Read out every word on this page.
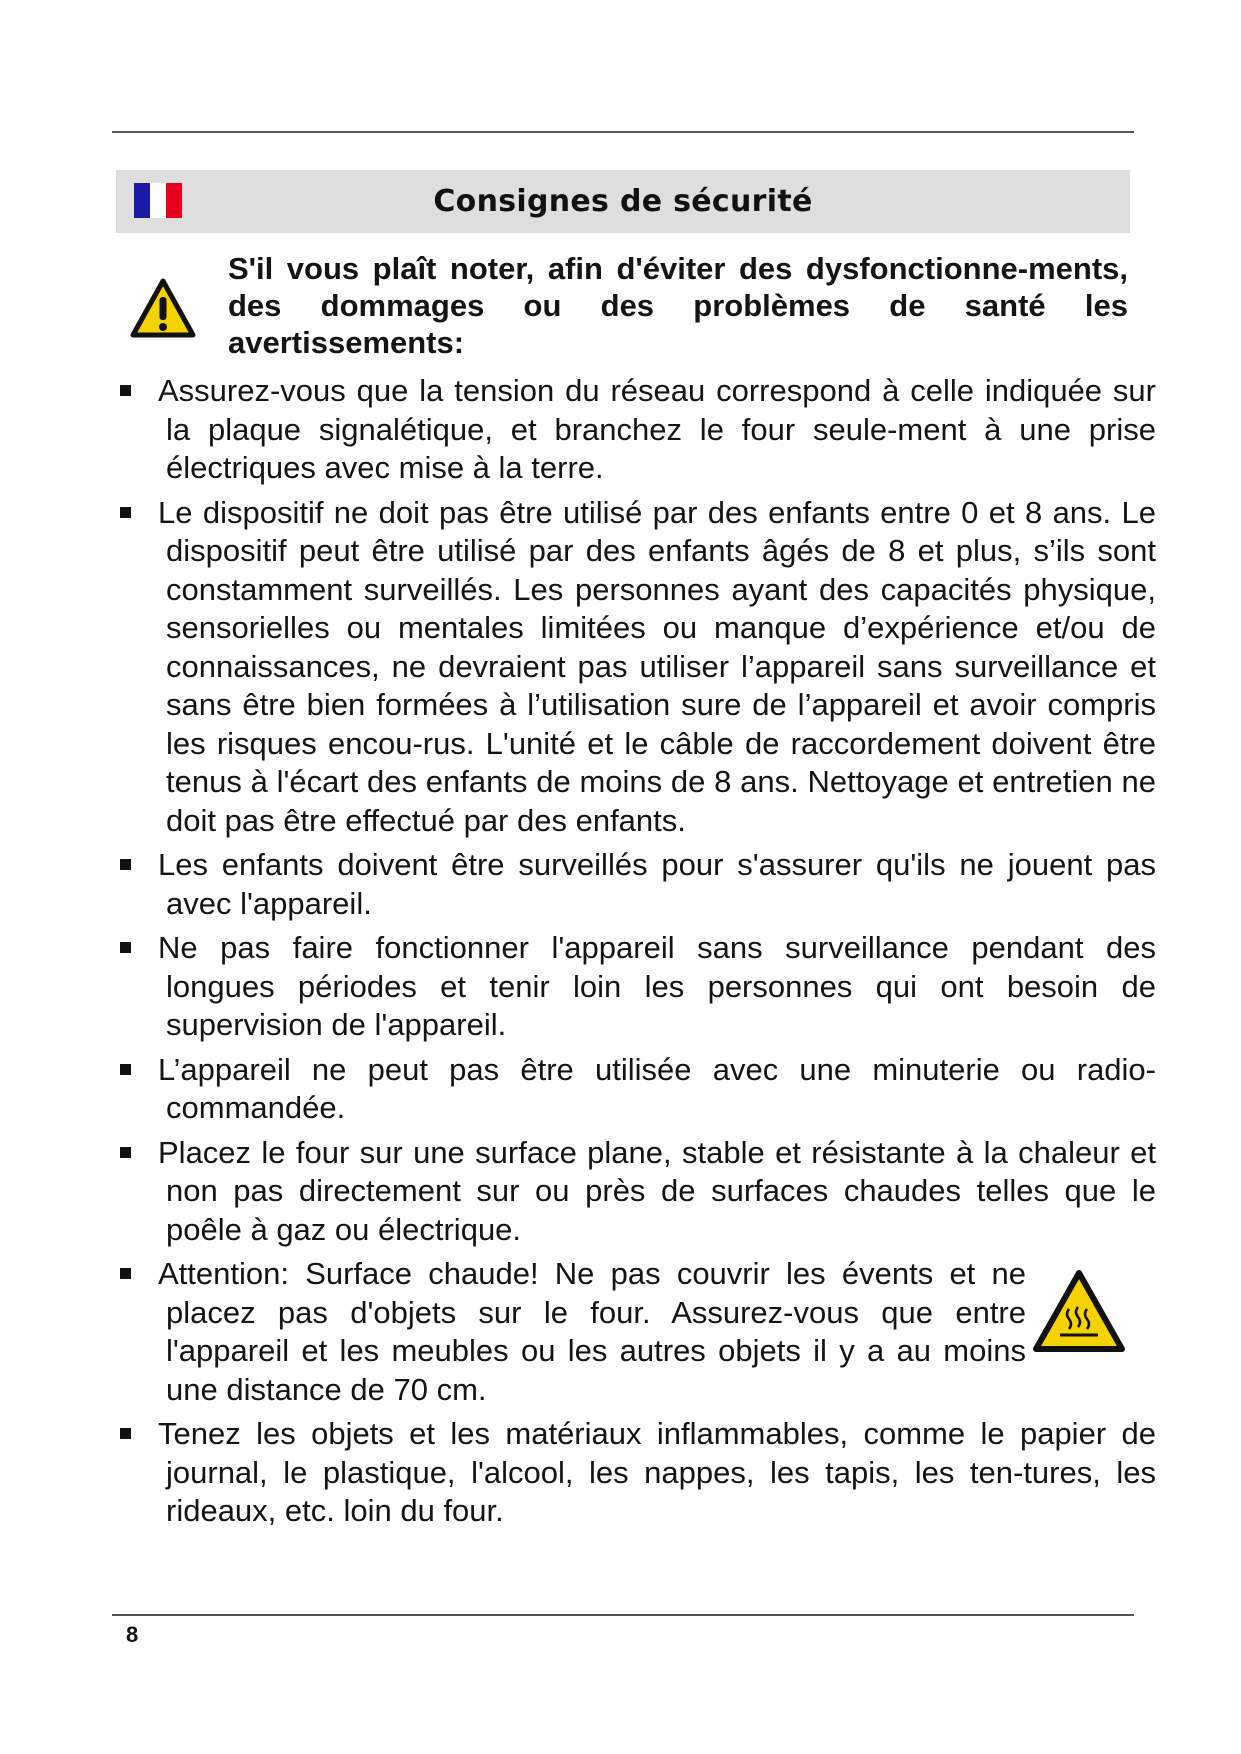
Consignes de sécurité

S'il vous plaît noter, afin d'éviter des dysfonctionne-ments, des dommages ou des problèmes de santé les avertissements:

Assurez-vous que la tension du réseau correspond à celle indiquée sur la plaque signalétique, et branchez le four seule-ment à une prise électriques avec mise à la terre.
Le dispositif ne doit pas être utilisé par des enfants entre 0 et 8 ans. Le dispositif peut être utilisé par des enfants âgés de 8 et plus, s’ils sont constamment surveillés. Les personnes ayant des capacités physique, sensorielles ou mentales limitées ou manque d’expérience et/ou de connaissances, ne devraient pas utiliser l’appareil sans surveillance et sans être bien formées à l’utilisation sure de l’appareil et avoir compris les risques encou-rus. L'unité et le câble de raccordement doivent être tenus à l'écart des enfants de moins de 8 ans. Nettoyage et entretien ne doit pas être effectué par des enfants.
Les enfants doivent être surveillés pour s'assurer qu'ils ne jouent pas avec l'appareil.
Ne pas faire fonctionner l'appareil sans surveillance pendant des longues périodes et tenir loin les personnes qui ont besoin de supervision de l'appareil.
L’appareil ne peut pas être utilisée avec une minuterie ou radio-commandée.
Placez le four sur une surface plane, stable et résistante à la chaleur et non pas directement sur ou près de surfaces chaudes telles que le poêle à gaz ou électrique.
Attention: Surface chaude! Ne pas couvrir les évents et ne placez pas d'objets sur le four. Assurez-vous que entre l'appareil et les meubles ou les autres objets il y a au moins une distance de 70 cm.
Tenez les objets et les matériaux inflammables, comme le papier de journal, le plastique, l'alcool, les nappes, les tapis, les ten-tures, les rideaux, etc. loin du four.
8
